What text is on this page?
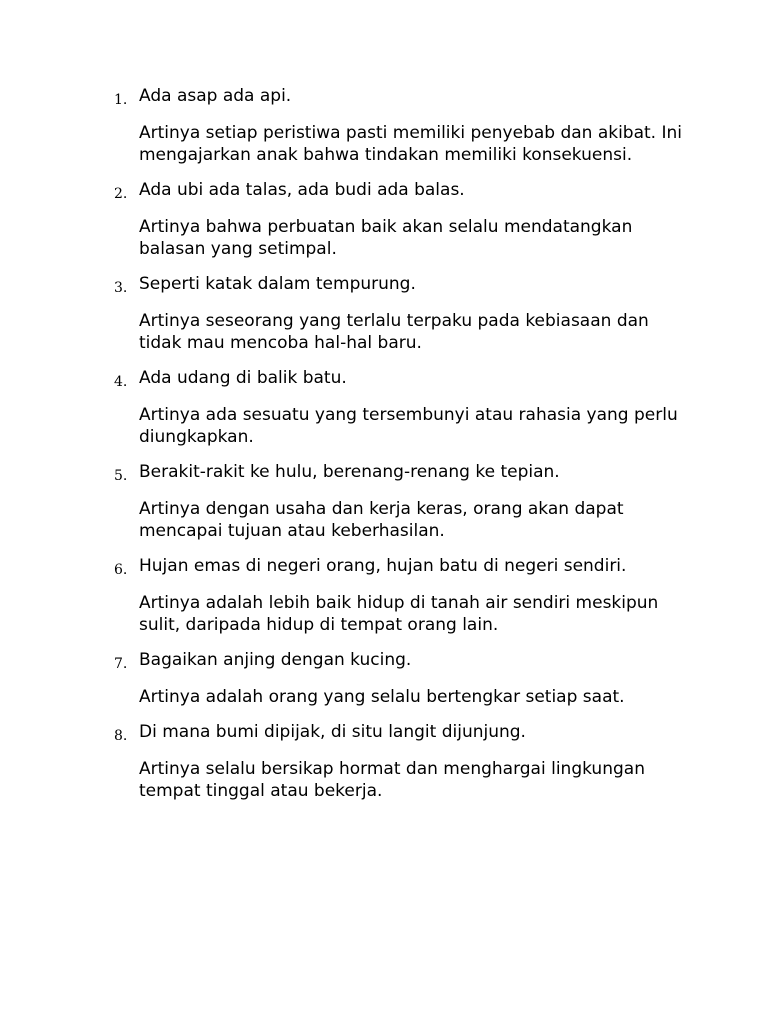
1. Ada asap ada api.

Artinya setiap peristiwa pasti memiliki penyebab dan akibat. Ini mengajarkan anak bahwa tindakan memiliki konsekuensi.

2. Ada ubi ada talas, ada budi ada balas.

Artinya bahwa perbuatan baik akan selalu mendatangkan balasan yang setimpal.

3. Seperti katak dalam tempurung.

Artinya seseorang yang terlalu terpaku pada kebiasaan dan tidak mau mencoba hal-hal baru.

4. Ada udang di balik batu.

Artinya ada sesuatu yang tersembunyi atau rahasia yang perlu diungkapkan.

5. Berakit-rakit ke hulu, berenang-renang ke tepian.

Artinya dengan usaha dan kerja keras, orang akan dapat mencapai tujuan atau keberhasilan.

6. Hujan emas di negeri orang, hujan batu di negeri sendiri.

Artinya adalah lebih baik hidup di tanah air sendiri meskipun sulit, daripada hidup di tempat orang lain.

7. Bagaikan anjing dengan kucing.

Artinya adalah orang yang selalu bertengkar setiap saat.

8. Di mana bumi dipijak, di situ langit dijunjung.

Artinya selalu bersikap hormat dan menghargai lingkungan tempat tinggal atau bekerja.
